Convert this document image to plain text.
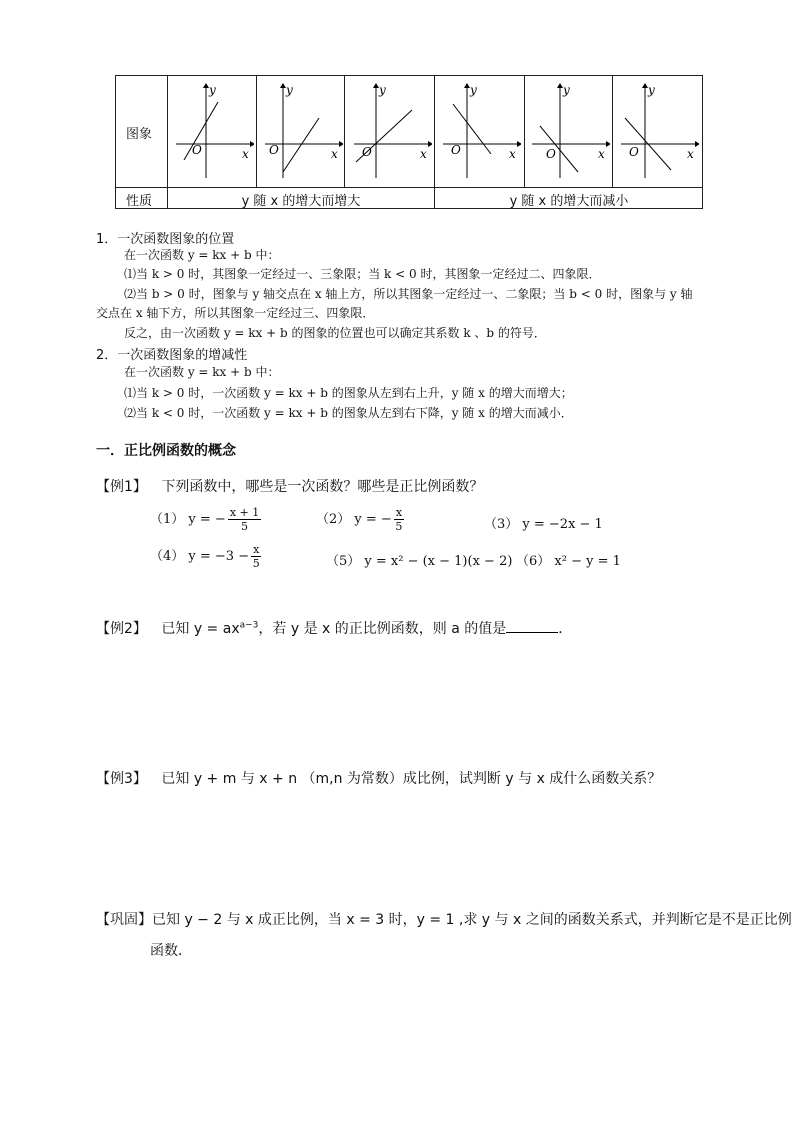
图象
性质	y 随 x 的增大而增大	y 随 x 的增大而减小
y
x
O
y
x
O
y
x
O
y
x
O
y
x
O
y
x
O
1．一次函数图象的位置
在一次函数 y = kx + b 中：
⑴当 k > 0 时，其图象一定经过一、三象限；当 k < 0 时，其图象一定经过二、四象限．
⑵当 b > 0 时，图象与 y 轴交点在 x 轴上方，所以其图象一定经过一、二象限；当 b < 0 时，图象与 y 轴
交点在 x 轴下方，所以其图象一定经过三、四象限．
反之，由一次函数 y = kx + b 的图象的位置也可以确定其系数 k 、b 的符号．
2．一次函数图象的增减性
在一次函数 y = kx + b 中：
⑴当 k > 0 时，一次函数 y = kx + b 的图象从左到右上升，y 随 x 的增大而增大；
⑵当 k < 0 时，一次函数 y = kx + b 的图象从左到右下降，y 随 x 的增大而减小．
一．正比例函数的概念
【例1】 下列函数中，哪些是一次函数？哪些是正比例函数？
（1） y = − $\frac{x + 1}{5}$	（2） y = − $\frac{x}{5}$	（3） y = −2x − 1
（4） $y = -3 - \frac{x}{5}$	（5） y = x² − (x − 1)(x − 2) （6） x² − y = 1
【例2】 已知 $y = ax^{a-3}$，若 y 是 x 的正比例函数，则 a 的值是	．
【例3】 已知 y + m 与 x + n （m,n 为常数）成比例，试判断 y 与 x 成什么函数关系？
【巩固】已知 y − 2 与 x 成正比例，当 x = 3 时，y = 1 ,求 y 与 x 之间的函数关系式，并判断它是不是正比例
函数．
